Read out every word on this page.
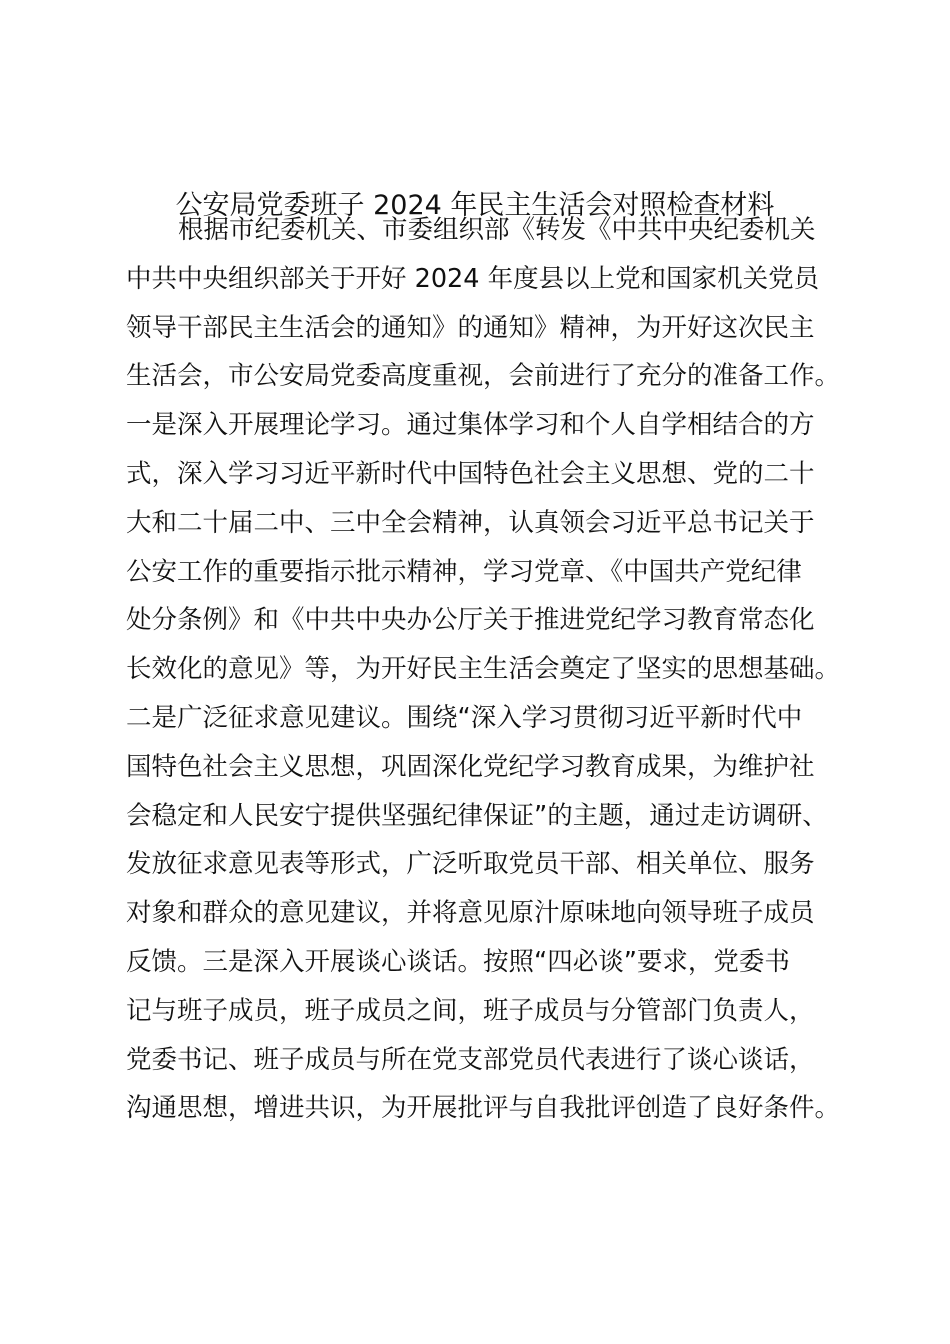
公安局党委班子 2024 年民主生活会对照检查材料
根据市纪委机关、市委组织部《转发《中共中央纪委机关
中共中央组织部关于开好 2024 年度县以上党和国家机关党员
领导干部民主生活会的通知》的通知》精神，为开好这次民主
生活会，市公安局党委高度重视，会前进行了充分的准备工作。
一是深入开展理论学习。通过集体学习和个人自学相结合的方
式，深入学习习近平新时代中国特色社会主义思想、党的二十
大和二十届二中、三中全会精神，认真领会习近平总书记关于
公安工作的重要指示批示精神，学习党章、《中国共产党纪律
处分条例》和《中共中央办公厅关于推进党纪学习教育常态化
长效化的意见》等，为开好民主生活会奠定了坚实的思想基础。
二是广泛征求意见建议。围绕“深入学习贯彻习近平新时代中
国特色社会主义思想，巩固深化党纪学习教育成果，为维护社
会稳定和人民安宁提供坚强纪律保证”的主题，通过走访调研、
发放征求意见表等形式，广泛听取党员干部、相关单位、服务
对象和群众的意见建议，并将意见原汁原味地向领导班子成员
反馈。三是深入开展谈心谈话。按照“四必谈”要求，党委书
记与班子成员，班子成员之间，班子成员与分管部门负责人，
党委书记、班子成员与所在党支部党员代表进行了谈心谈话，
沟通思想，增进共识，为开展批评与自我批评创造了良好条件。
